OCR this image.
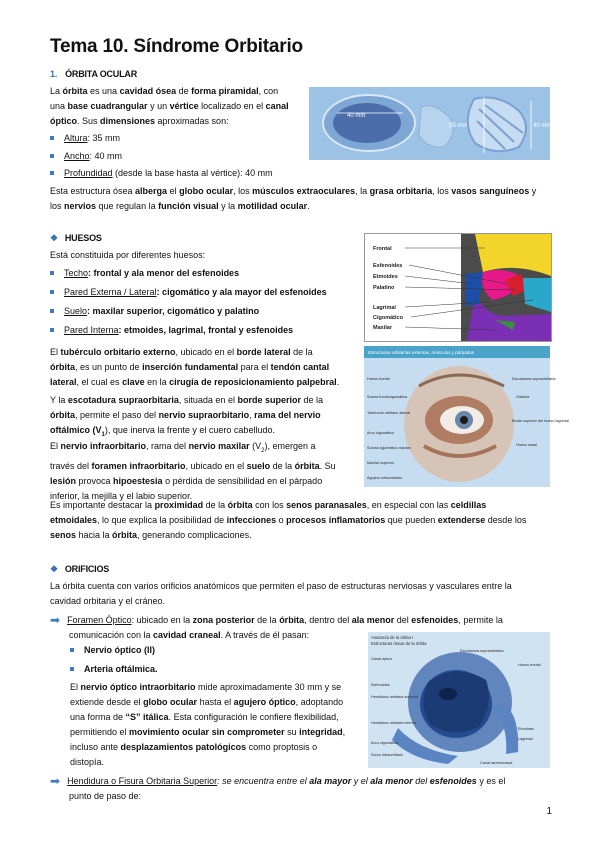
Tema 10. Síndrome Orbitario
1. ÓRBITA OCULAR
La órbita es una cavidad ósea de forma piramidal, con
una base cuadrangular y un vértice localizado en el canal
óptico. Sus dimensiones aproximadas son:
Altura: 35 mm
Ancho: 40 mm
Profundidad (desde la base hasta al vértice): 40 mm
Esta estructura ósea alberga el globo ocular, los músculos extraoculares, la grasa orbitaria, los vasos sanguíneos y
los nervios que regulan la función visual y la motilidad ocular.
40 mm
35 mm	40 mm
❖ HUESOS
Está constituida por diferentes huesos:
Techo: frontal y ala menor del esfenoides
Pared Externa / Lateral: cigomático y ala mayor del esfenoides
Suelo: maxilar superior, cigomático y palatino
Pared Interna: etmoides, lagrimal, frontal y esfenoides
Frontal
Esfenoides
Etmoides
Palatino
Lagrimal
Cigomático
Maxilar
Estructuras orbitarias externas, músculos y párpados
Hueso frontal
Sutura frontocigomática
Tubérculo orbitario lateral
Arco cigomático
Sutura cigomático-maxilar
Maxilar superior
Agujero infraorbitario
Escotadura supraorbitaria
Glabela
Borde superior del hueso lagrimal
Hueso nasal
El tubérculo orbitario externo, ubicado en el borde lateral de la
órbita, es un punto de inserción fundamental para el tendón cantal
lateral, el cual es clave en la cirugía de reposicionamiento palpebral.
Y la escotadura supraorbitaria, situada en el borde superior de la
órbita, permite el paso del nervio supraorbitario, rama del nervio
oftálmico $(V_1)$, que inerva la frente y el cuero cabelludo.
El nervio infraorbitario, rama del nervio maxilar $(V_2)$, emergen a
través del foramen infraorbitario, ubicado en el suelo de la órbita. Su
lesión provoca hipoestesia o pérdida de sensibilidad en el párpado
inferior, la mejilla y el labio superior.
Es importante destacar la proximidad de la órbita con los senos paranasales, en especial con las celdillas
etmoidales, lo que explica la posibilidad de infecciones o procesos inflamatorios que pueden extenderse desde los
senos hacia la órbita, generando complicaciones.
❖ ORIFICIOS
La órbita cuenta con varios orificios anatómicos que permiten el paso de estructuras nerviosas y vasculares entre la
cavidad orbitaria y el cráneo.
➡ Foramen Óptico: ubicado en la zona posterior de la órbita, dentro del ala menor del esfenoides, permite la
comunicación con la cavidad craneal. A través de él pasan:
Nervio óptico (II)
Arteria oftálmica.
El nervio óptico intraorbitario mide aproximadamente 30 mm y se
extiende desde el globo ocular hasta el agujero óptico, adoptando
una forma de “S” itálica. Esta configuración le confiere flexibilidad,
permitiendo el movimiento ocular sin comprometer su integridad,
incluso ante desplazamientos patológicos como proptosis o
distopía.
Anatomía de la órbita I
Estructuras óseas de la órbita
Canal óptico
Esfenoides
Hendidura orbitaria superior
Hendidura orbitaria inferior
Arco cigomático
Surco infraorbitario
Escotadura supraorbitaria
Hueso frontal
Etmoides
Lagrimal
Canal lacrimonasal
➡ Hendidura o Fisura Orbitaria Superior: se encuentra entre el ala mayor y el ala menor del esfenoides y es el
punto de paso de:
1
